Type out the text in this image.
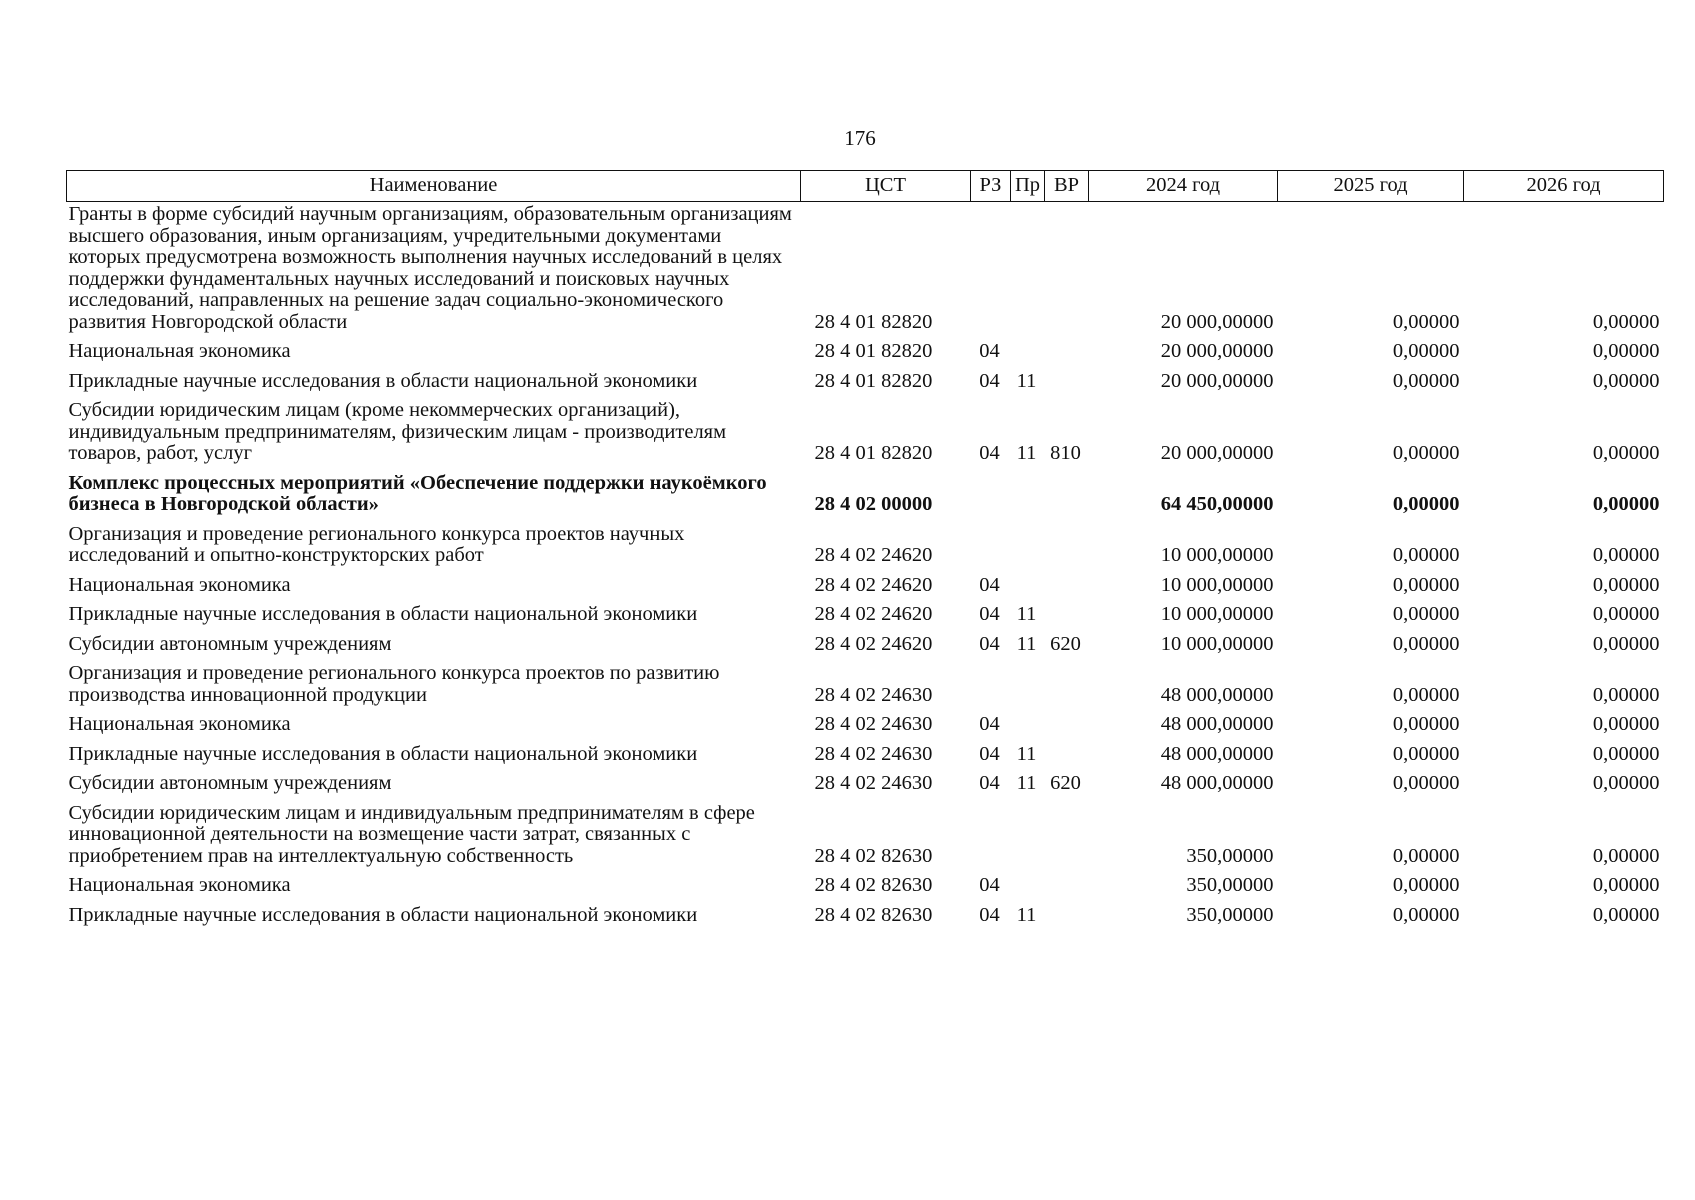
176
Наименование	ЦСТ	РЗ	Пр	ВР	2024 год	2025 год	2026 год
Гранты в форме субсидий научным организациям, образовательным организациям высшего образования, иным организациям, учредительными документами которых предусмотрена возможность выполнения научных исследований в целях поддержки фундаментальных научных исследований и поисковых научных исследований, направленных на решение задач социально-экономического развития Новгородской области	28 4 01 82820				20 000,00000	0,00000	0,00000
Национальная экономика	28 4 01 82820	04			20 000,00000	0,00000	0,00000
Прикладные научные исследования в области национальной экономики	28 4 01 82820	04	11		20 000,00000	0,00000	0,00000
Субсидии юридическим лицам (кроме некоммерческих организаций), индивидуальным предпринимателям, физическим лицам - производителям товаров, работ, услуг	28 4 01 82820	04	11	810	20 000,00000	0,00000	0,00000
Комплекс процессных мероприятий «Обеспечение поддержки наукоёмкого бизнеса в Новгородской области»	28 4 02 00000				64 450,00000	0,00000	0,00000
Организация и проведение регионального конкурса проектов научных исследований и опытно-конструкторских работ	28 4 02 24620				10 000,00000	0,00000	0,00000
Национальная экономика	28 4 02 24620	04			10 000,00000	0,00000	0,00000
Прикладные научные исследования в области национальной экономики	28 4 02 24620	04	11		10 000,00000	0,00000	0,00000
Субсидии автономным учреждениям	28 4 02 24620	04	11	620	10 000,00000	0,00000	0,00000
Организация и проведение регионального конкурса проектов по развитию производства инновационной продукции	28 4 02 24630				48 000,00000	0,00000	0,00000
Национальная экономика	28 4 02 24630	04			48 000,00000	0,00000	0,00000
Прикладные научные исследования в области национальной экономики	28 4 02 24630	04	11		48 000,00000	0,00000	0,00000
Субсидии автономным учреждениям	28 4 02 24630	04	11	620	48 000,00000	0,00000	0,00000
Субсидии юридическим лицам и индивидуальным предпринимателям в сфере инновационной деятельности на возмещение части затрат, связанных с приобретением прав на интеллектуальную собственность	28 4 02 82630				350,00000	0,00000	0,00000
Национальная экономика	28 4 02 82630	04			350,00000	0,00000	0,00000
Прикладные научные исследования в области национальной экономики	28 4 02 82630	04	11		350,00000	0,00000	0,00000
